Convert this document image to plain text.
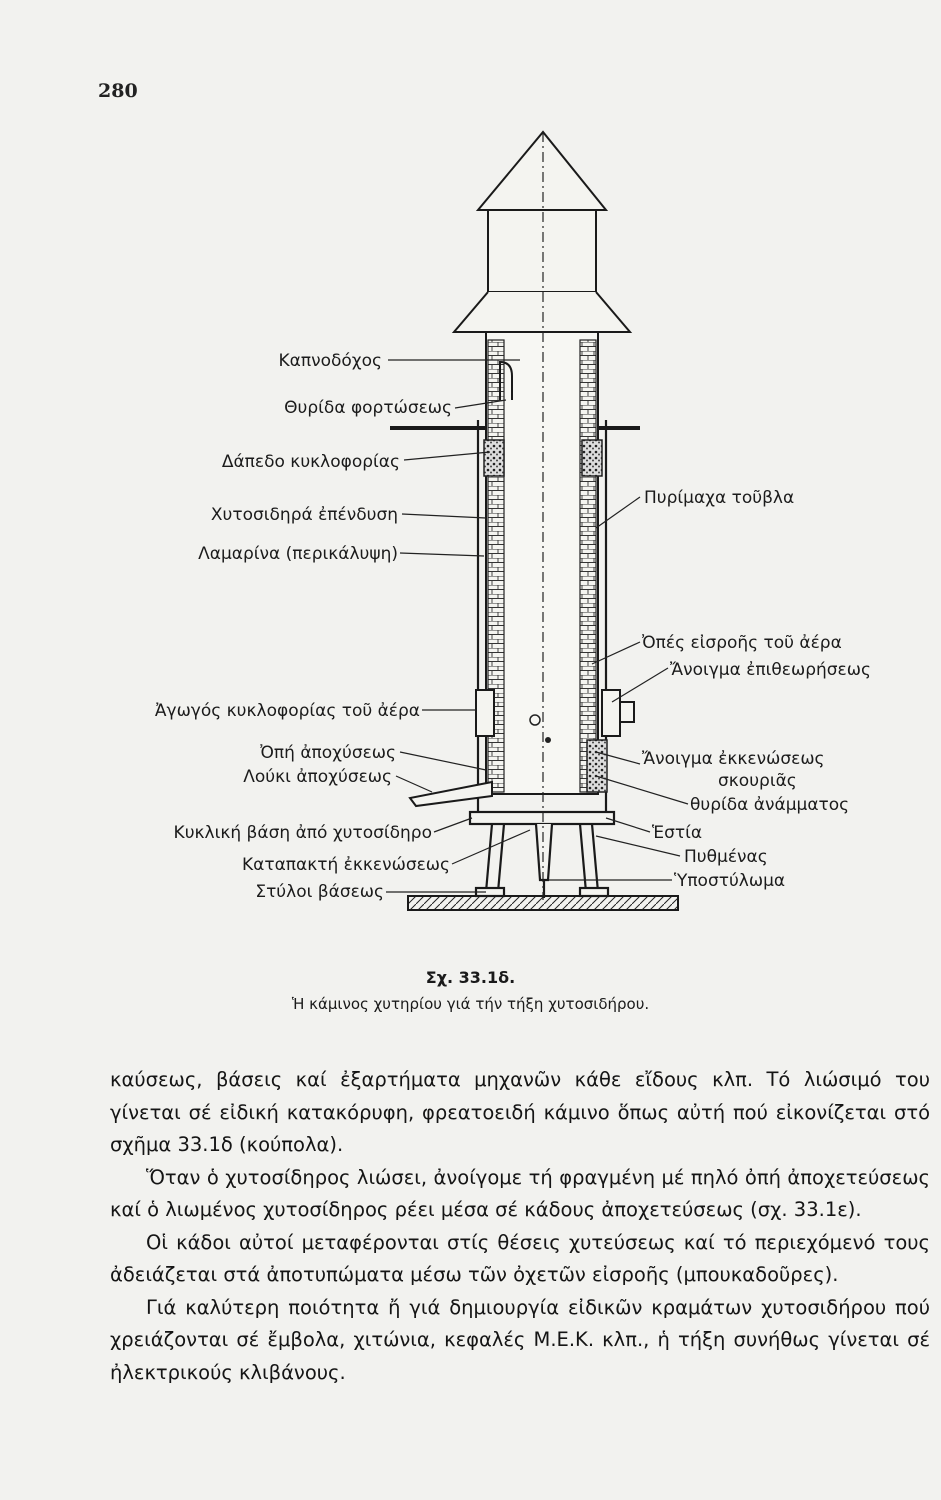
280
Καπνοδόχος
Θυρίδα φορτώσεως
Δάπεδο κυκλοφορίας
Χυτοσιδηρά ἐπένδυση
Λαμαρίνα (περικάλυψη)
Ἀγωγός κυκλοφορίας τοῦ ἀέρα
Ὀπή ἀποχύσεως
Λούκι ἀποχύσεως
Κυκλική βάση ἀπό χυτοσίδηρο
Καταπακτή ἐκκενώσεως
Στύλοι βάσεως
Πυρίμαχα τοῦβλα
Ὀπές εἰσροῆς τοῦ ἀέρα
Ἄνοιγμα ἐπιθεωρήσεως
Ἄνοιγμα ἐκκενώσεως
σκουριᾶς
θυρίδα ἀνάμματος
Ἑστία
Πυθμένας
Ὑποστύλωμα
Σχ. 33.1δ.
Ἡ κάμινος χυτηρίου γιά τήν τήξη χυτοσιδήρου.

καύσεως, βάσεις καί ἐξαρτήματα μηχανῶν κάθε εἴδους κλπ. Τό λιώσιμό του γίνεται σέ εἰδική κατακόρυφη, φρεατοειδή κάμινο ὅπως αὐτή πού εἰκονίζεται στό σχῆμα 33.1δ (κούπολα).

Ὅταν ὁ χυτοσίδηρος λιώσει, ἀνοίγομε τή φραγμένη μέ πηλό ὀπή ἀποχετεύσεως καί ὁ λιωμένος χυτοσίδηρος ρέει μέσα σέ κάδους ἀποχετεύσεως (σχ. 33.1ε).

Οἱ κάδοι αὐτοί μεταφέρονται στίς θέσεις χυτεύσεως καί τό περιεχόμενό τους ἀδειάζεται στά ἀποτυπώματα μέσω τῶν ὀχετῶν εἰσροῆς (μπουκαδοῦρες).

Γιά καλύτερη ποιότητα ἤ γιά δημιουργία εἰδικῶν κραμάτων χυτοσιδήρου πού χρειάζονται σέ ἔμβολα, χιτώνια, κεφαλές Μ.Ε.Κ. κλπ., ἡ τήξη συνήθως γίνεται σέ ἠλεκτρικούς κλιβάνους.
